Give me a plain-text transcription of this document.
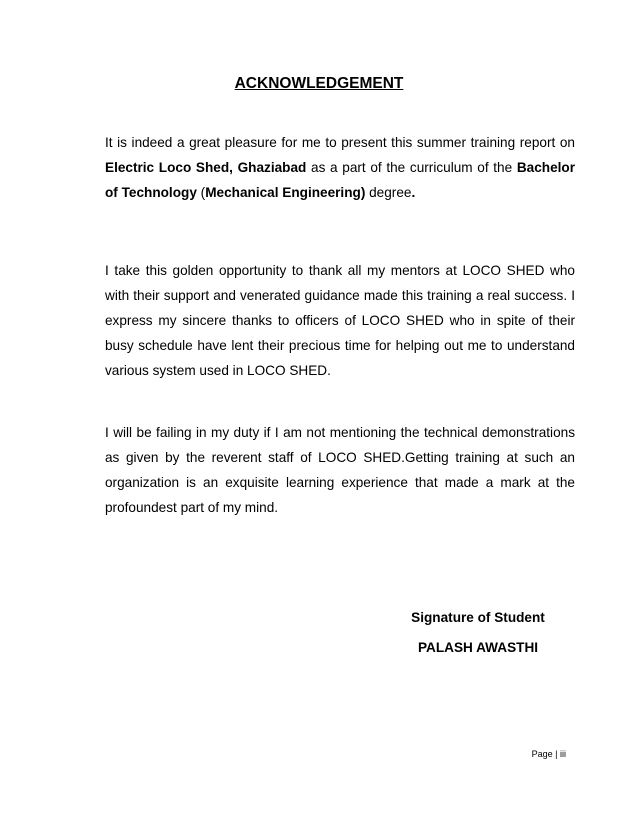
ACKNOWLEDGEMENT
It is indeed a great pleasure for me to present this summer training report on Electric Loco Shed, Ghaziabad as a part of the curriculum of the Bachelor of Technology (Mechanical Engineering) degree.
I take this golden opportunity to thank all my mentors at LOCO SHED who with their support and venerated guidance made this training a real success. I express my sincere thanks to officers of LOCO SHED who in spite of their busy schedule have lent their precious time for helping out me to understand various system used in LOCO SHED.
I will be failing in my duty if I am not mentioning the technical demonstrations as given by the reverent staff of LOCO SHED.Getting training at such an organization is an exquisite learning experience that made a mark at the profoundest part of my mind.
Signature of Student
PALASH AWASTHI
Page | iii
